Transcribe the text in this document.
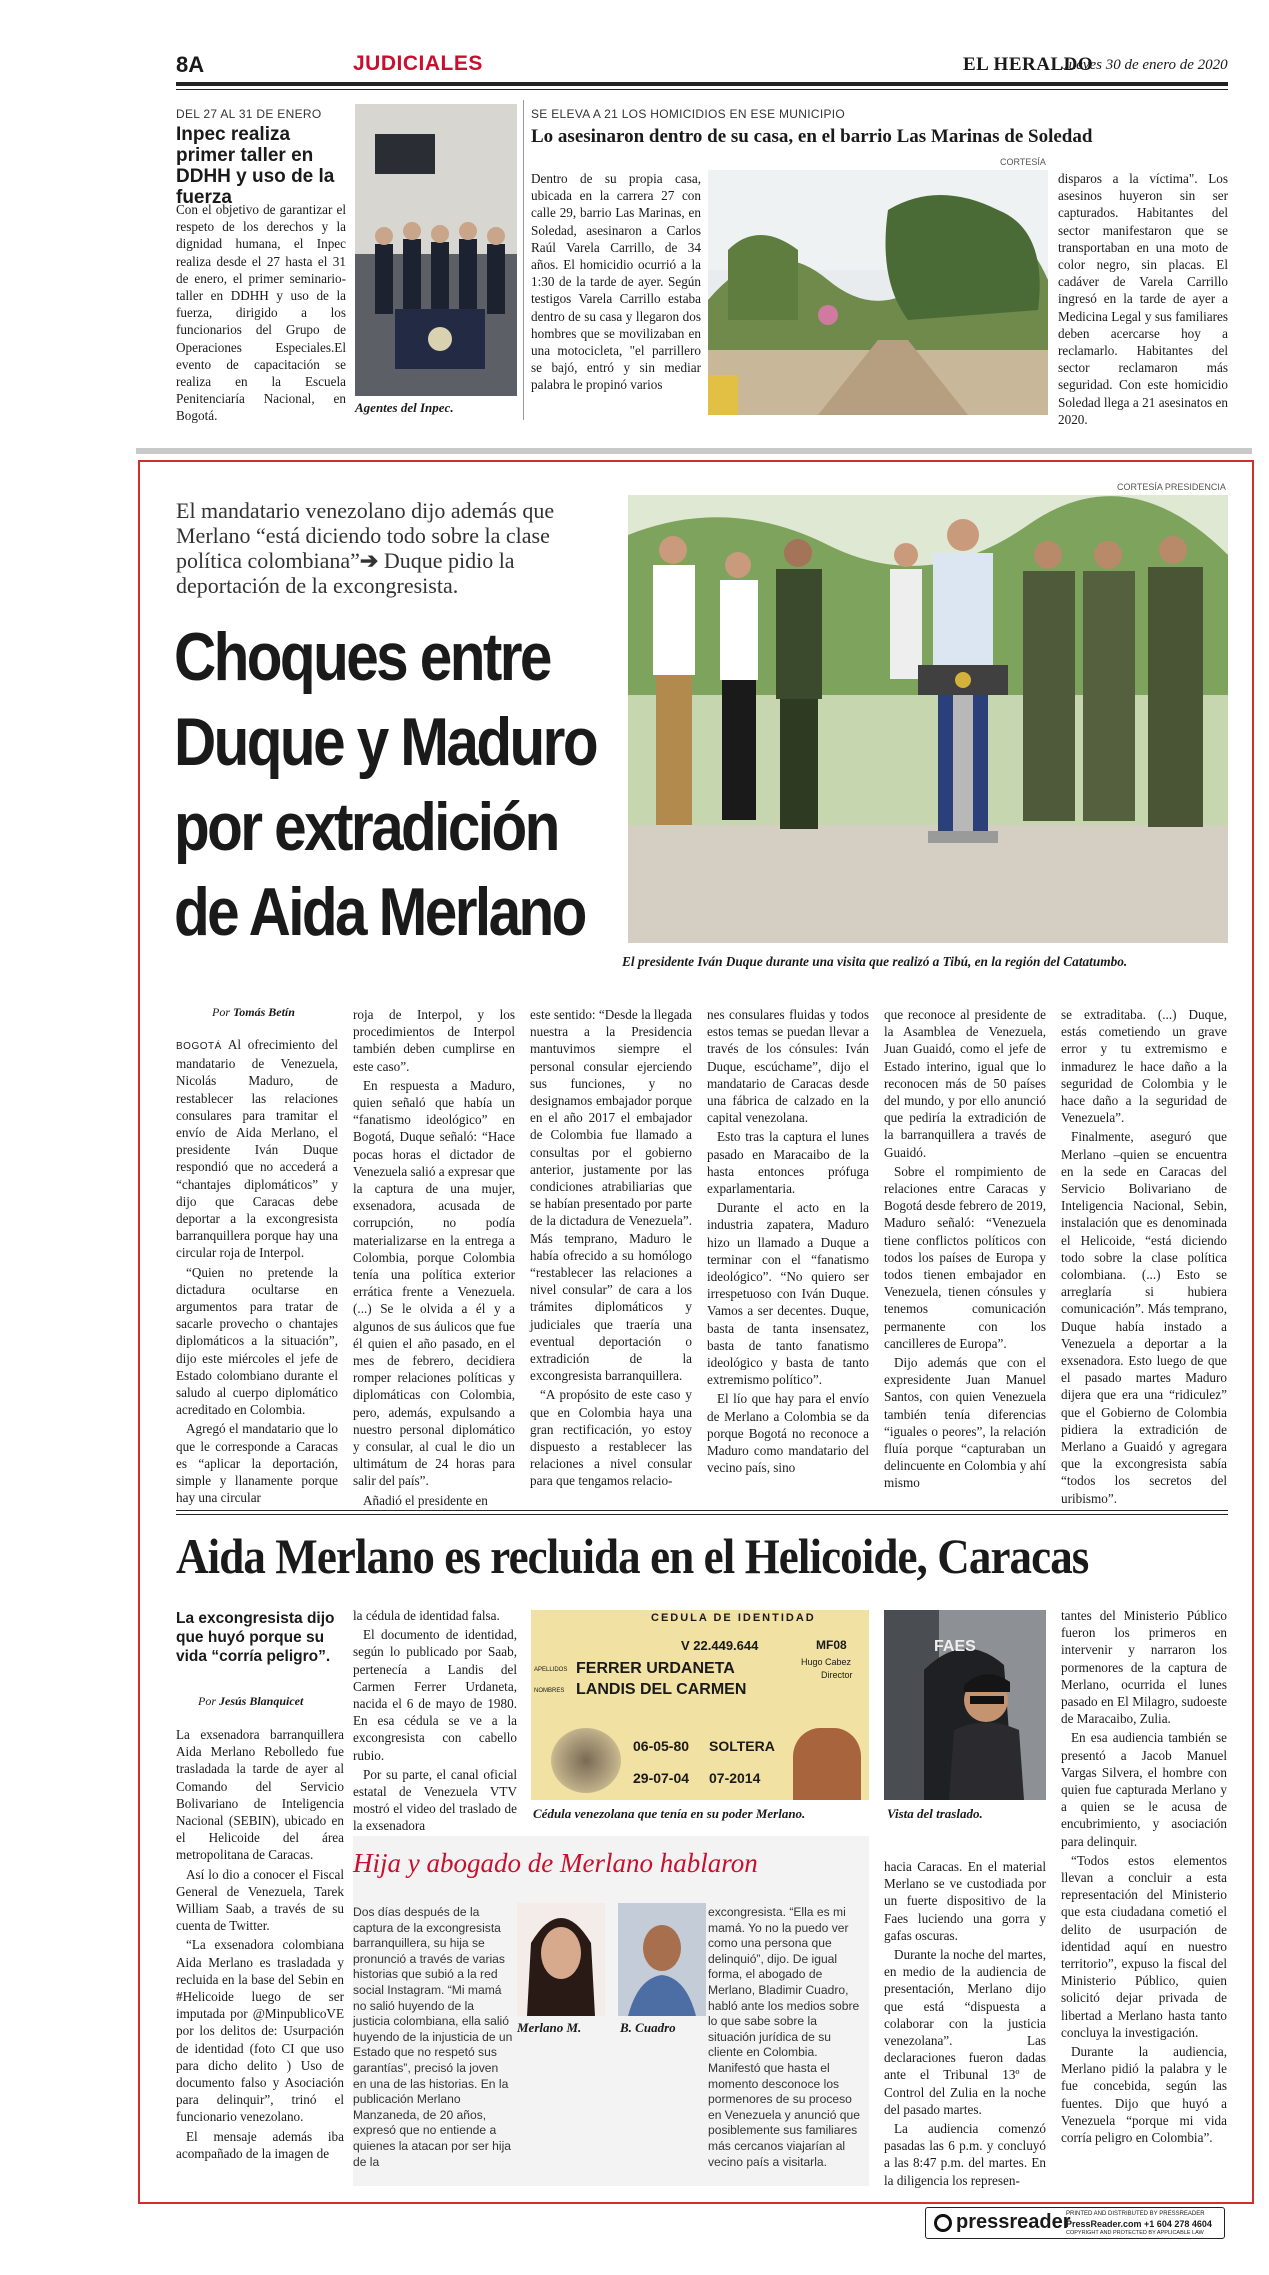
8A	JUDICIALES	EL HERALDO
Jueves 30 de enero de 2020
DEL 27 AL 31 DE ENERO
Inpec realiza primer taller en DDHH y uso de la fuerza

Con el objetivo de garantizar el respeto de los derechos y la dignidad humana, el Inpec realiza desde el 27 hasta el 31 de enero, el primer seminario-taller en DDHH y uso de la fuerza, dirigido a los funcionarios del Grupo de Operaciones Especiales.El evento de capacitación se realiza en la Escuela Penitenciaría Nacional, en Bogotá.

Agentes del Inpec.
SE ELEVA A 21 LOS HOMICIDIOS EN ESE MUNICIPIO
Lo asesinaron dentro de su casa, en el barrio Las Marinas de Soledad
CORTESÍA

Dentro de su propia casa, ubicada en la carrera 27 con calle 29, barrio Las Marinas, en Soledad, asesinaron a Carlos Raúl Varela Carrillo, de 34 años. El homicidio ocurrió a la 1:30 de la tarde de ayer. Según testigos Varela Carrillo estaba dentro de su casa y llegaron dos hombres que se movilizaban en una motocicleta, "el parrillero se bajó, entró y sin mediar palabra le propinó varios

disparos a la víctima". Los asesinos huyeron sin ser capturados. Habitantes del sector manifestaron que se transportaban en una moto de color negro, sin placas. El cadáver de Varela Carrillo ingresó en la tarde de ayer a Medicina Legal y sus familiares deben acercarse hoy a reclamarlo. Habitantes del sector reclamaron más seguridad. Con este homicidio Soledad llega a 21 asesinatos en 2020.

El mandatario venezolano dijo además que Merlano “está diciendo todo sobre la clase política colombiana”➔ Duque pidio la deportación de la excongresista.
Choques entre Duque y Maduro por extradición de Aida Merlano
CORTESÍA PRESIDENCIA
El presidente Iván Duque durante una visita que realizó a Tibú, en la región del Catatumbo.
Por Tomás Betín

BOGOTÁ Al ofrecimiento del mandatario de Venezuela, Nicolás Maduro, de restablecer las relaciones consulares para tramitar el envío de Aida Merlano, el presidente Iván Duque respondió que no accederá a “chantajes diplomáticos” y dijo que Caracas debe deportar a la excongresista barranquillera porque hay una circular roja de Interpol.

“Quien no pretende la dictadura ocultarse en argumentos para tratar de sacarle provecho o chantajes diplomáticos a la situación”, dijo este miércoles el jefe de Estado colombiano durante el saludo al cuerpo diplomático acreditado en Colombia.

Agregó el mandatario que lo que le corresponde a Caracas es “aplicar la deportación, simple y llanamente porque hay una circular

roja de Interpol, y los procedimientos de Interpol también deben cumplirse en este caso”.

En respuesta a Maduro, quien señaló que había un “fanatismo ideológico” en Bogotá, Duque señaló: “Hace pocas horas el dictador de Venezuela salió a expresar que la captura de una mujer, exsenadora, acusada de corrupción, no podía materializarse en la entrega a Colombia, porque Colombia tenía una política exterior errática frente a Venezuela. (...) Se le olvida a él y a algunos de sus áulicos que fue él quien el año pasado, en el mes de febrero, decidiera romper relaciones políticas y diplomáticas con Colombia, pero, además, expulsando a nuestro personal diplomático y consular, al cual le dio un ultimátum de 24 horas para salir del país”.

Añadió el presidente en

este sentido: “Desde la llegada nuestra a la Presidencia mantuvimos siempre el personal consular ejerciendo sus funciones, y no designamos embajador porque en el año 2017 el embajador de Colombia fue llamado a consultas por el gobierno anterior, justamente por las condiciones atrabiliarias que se habían presentado por parte de la dictadura de Venezuela”. Más temprano, Maduro le había ofrecido a su homólogo “restablecer las relaciones a nivel consular” de cara a los trámites diplomáticos y judiciales que traería una eventual deportación o extradición de la excongresista barranquillera.

“A propósito de este caso y que en Colombia haya una gran rectificación, yo estoy dispuesto a restablecer las relaciones a nivel consular para que tengamos relacio-

nes consulares fluidas y todos estos temas se puedan llevar a través de los cónsules: Iván Duque, escúchame”, dijo el mandatario de Caracas desde una fábrica de calzado en la capital venezolana.

Esto tras la captura el lunes pasado en Maracaibo de la hasta entonces prófuga exparlamentaria.

Durante el acto en la industria zapatera, Maduro hizo un llamado a Duque a terminar con el “fanatismo ideológico”. “No quiero ser irrespetuoso con Iván Duque. Vamos a ser decentes. Duque, basta de tanta insensatez, basta de tanto fanatismo ideológico y basta de tanto extremismo político”.

El lío que hay para el envío de Merlano a Colombia se da porque Bogotá no reconoce a Maduro como mandatario del vecino país, sino

que reconoce al presidente de la Asamblea de Venezuela, Juan Guaidó, como el jefe de Estado interino, igual que lo reconocen más de 50 países del mundo, y por ello anunció que pediría la extradición de la barranquillera a través de Guaidó.

Sobre el rompimiento de relaciones entre Caracas y Bogotá desde febrero de 2019, Maduro señaló: “Venezuela tiene conflictos políticos con todos los países de Europa y todos tienen embajador en Venezuela, tienen cónsules y tenemos comunicación permanente con los cancilleres de Europa”.

Dijo además que con el expresidente Juan Manuel Santos, con quien Venezuela también tenía diferencias “iguales o peores”, la relación fluía porque “capturaban un delincuente en Colombia y ahí mismo

se extraditaba. (...) Duque, estás cometiendo un grave error y tu extremismo e inmadurez le hace daño a la seguridad de Colombia y le hace daño a la seguridad de Venezuela”.

Finalmente, aseguró que Merlano –quien se encuentra en la sede en Caracas del Servicio Bolivariano de Inteligencia Nacional, Sebin, instalación que es denominada el Helicoide, “está diciendo todo sobre la clase política colombiana. (...) Esto se arreglaría si hubiera comunicación”. Más temprano, Duque había instado a Venezuela a deportar a la exsenadora. Esto luego de que el pasado martes Maduro dijera que era una “ridiculez” que el Gobierno de Colombia pidiera la extradición de Merlano a Guaidó y agregara que la excongresista sabía “todos los secretos del uribismo”.

Aida Merlano es recluida en el Helicoide, Caracas
La excongresista dijo que huyó porque su vida “corría peligro”.
Por Jesús Blanquicet

La exsenadora barranquillera Aida Merlano Rebolledo fue trasladada la tarde de ayer al Comando del Servicio Bolivariano de Inteligencia Nacional (SEBIN), ubicado en el Helicoide del área metropolitana de Caracas.

Así lo dio a conocer el Fiscal General de Venezuela, Tarek William Saab, a través de su cuenta de Twitter.

“La exsenadora colombiana Aida Merlano es trasladada y recluida en la base del Sebin en #Helicoide luego de ser imputada por @MinpublicoVE por los delitos de: Usurpación de identidad (foto CI que uso para dicho delito ) Uso de documento falso y Asociación para delinquir”, trinó el funcionario venezolano.

El mensaje además iba acompañado de la imagen de

la cédula de identidad falsa.

El documento de identidad, según lo publicado por Saab, pertenecía a Landis del Carmen Ferrer Urdaneta, nacida el 6 de mayo de 1980. En esa cédula se ve a la excongresista con cabello rubio.

Por su parte, el canal oficial estatal de Venezuela VTV mostró el video del traslado de la exsenadora

CEDULA DE IDENTIDAD
V 22.449.644	MF08
APELLIDOS FERRER URDANETA
NOMBRES LANDIS DEL CARMEN
Hugo Cabez
Director
06-05-80 SOLTERA
29-07-04 07-2014
Cédula venezolana que tenía en su poder Merlano.
FAES
Vista del traslado.

tantes del Ministerio Público fueron los primeros en intervenir y narraron los pormenores de la captura de Merlano, ocurrida el lunes pasado en El Milagro, sudoeste de Maracaibo, Zulia.

En esa audiencia también se presentó a Jacob Manuel Vargas Silvera, el hombre con quien fue capturada Merlano y a quien se le acusa de encubrimiento, y asociación para delinquir.

“Todos estos elementos llevan a concluir a esta representación del Ministerio que esta ciudadana cometió el delito de usurpación de identidad aquí en nuestro territorio”, expuso la fiscal del Ministerio Público, quien solicitó dejar privada de libertad a Merlano hasta tanto concluya la investigación.

Durante la audiencia, Merlano pidió la palabra y le fue concebida, según las fuentes. Dijo que huyó a Venezuela “porque mi vida corría peligro en Colombia”.

Hija y abogado de Merlano hablaron
Dos días después de la captura de la excongresista barranquillera, su hija se pronunció a través de varias historias que subió a la red social Instagram. “Mi mamá no salió huyendo de la justicia colombiana, ella salió huyendo de la injusticia de un Estado que no respetó sus garantías”, precisó la joven en una de las historias. En la publicación Merlano Manzaneda, de 20 años, expresó que no entiende a quienes la atacan por ser hija de la
Merlano M.	B. Cuadro
excongresista. “Ella es mi mamá. Yo no la puedo ver como una persona que delinquió”, dijo. De igual forma, el abogado de Merlano, Bladimir Cuadro, habló ante los medios sobre lo que sabe sobre la situación jurídica de su cliente en Colombia. Manifestó que hasta el momento desconoce los pormenores de su proceso en Venezuela y anunció que posiblemente sus familiares más cercanos viajarían al vecino país a visitarla.

hacia Caracas. En el material Merlano se ve custodiada por un fuerte dispositivo de la Faes luciendo una gorra y gafas oscuras.

Durante la noche del martes, en medio de la audiencia de presentación, Merlano dijo que está “dispuesta a colaborar con la justicia venezolana”. Las declaraciones fueron dadas ante el Tribunal 13º de Control del Zulia en la noche del pasado martes.

La audiencia comenzó pasadas las 6 p.m. y concluyó a las 8:47 p.m. del martes. En la diligencia los represen-

pressreader
PRINTED AND DISTRIBUTED BY PRESSREADER
PressReader.com +1 604 278 4604
COPYRIGHT AND PROTECTED BY APPLICABLE LAW
